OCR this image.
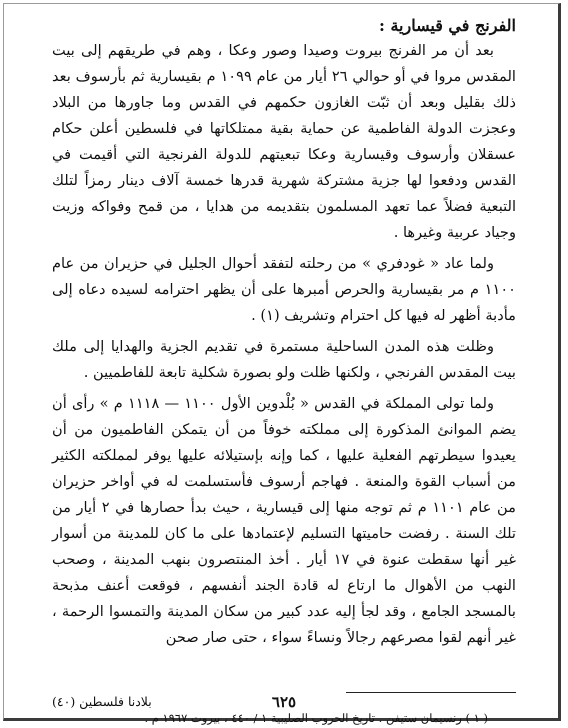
الفرنج في قيسارية :

بعد أن مر الفرنج بيروت وصيدا وصور وعكا ، وهم في طريقهم إلى بيت المقدس مروا في أو حوالي ٢٦ أيار من عام ١٠٩٩ م بقيسارية ثم بأرسوف بعد ذلك بقليل وبعد أن ثبّت الغازون حكمهم في القدس وما جاورها من البلاد وعجزت الدولة الفاطمية عن حماية بقية ممتلكاتها في فلسطين أعلن حكام عسقلان وأرسوف وقيسارية وعكا تبعيتهم للدولة الفرنجية التي أقيمت في القدس ودفعوا لها جزية مشتركة شهرية قدرها خمسة آلاف دينار رمزاً لتلك التبعية فضلاً عما تعهد المسلمون بتقديمه من هدايا ، من قمح وفواكه وزيت وجياد عربية وغيرها .

ولما عاد « غودفري » من رحلته لتفقد أحوال الجليل في حزيران من عام ١١٠٠ م مر بقيسارية والحرص أمبرها على أن يظهر احترامه لسيده دعاه إلى مأدبة أظهر له فيها كل احترام وتشريف (١) .

وظلت هذه المدن الساحلية مستمرة في تقديم الجزية والهدايا إلى ملك بيت المقدس الفرنجي ، ولكنها ظلت ولو بصورة شكلية تابعة للفاطميين .

ولما تولى المملكة في القدس « بُلْدوين الأول ١١٠٠ — ١١١٨ م » رأى أن يضم الموانئ المذكورة إلى مملكته خوفاً من أن يتمكن الفاطميون من أن يعيدوا سيطرتهم الفعلية عليها ، كما وإنه بإستيلائه عليها يوفر لمملكته الكثير من أسباب القوة والمنعة . فهاجم أرسوف فأستسلمت له في أواخر حزيران من عام ١١٠١ م ثم توجه منها إلى قيسارية ، حيث بدأ حصارها في ٢ أيار من تلك السنة . رفضت حاميتها التسليم لإعتمادها على ما كان للمدينة من أسوار غير أنها سقطت عنوة في ١٧ أيار . أخذ المنتصرون بنهب المدينة ، وصحب النهب من الأهوال ما ارتاع له قادة الجند أنفسهم ، فوقعت أعنف مذبحة بالمسجد الجامع ، وقد لجأ إليه عدد كبير من سكان المدينة والتمسوا الرحمة ، غير أنهم لقوا مصرعهم رجالاً ونساءً سواء ، حتى صار صحن

( ١ ) رنسيمان ستيفن . تاريخ الحروب الصليبية ١ / ٤٤٠ ، بيروت ١٩٦٧ م .
٦٢٥
بلادنا فلسطين (٤٠)
